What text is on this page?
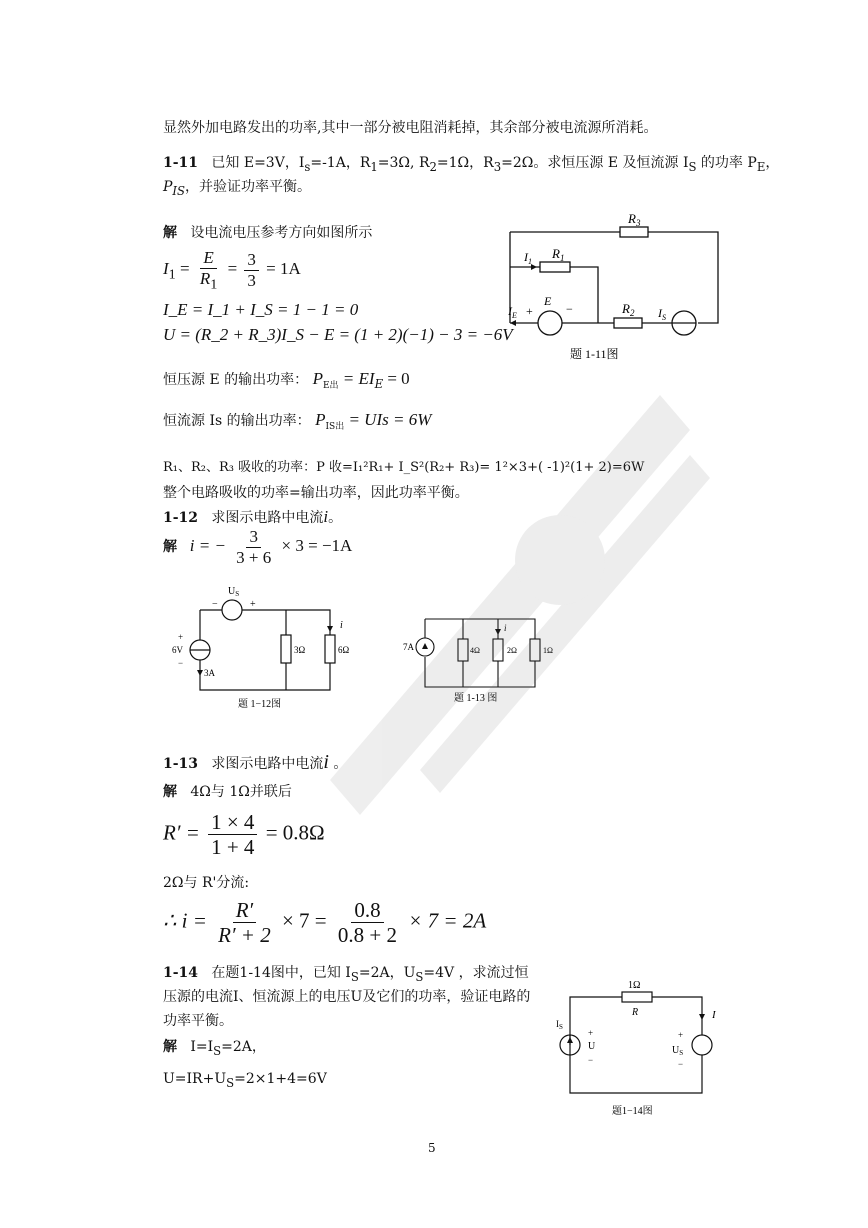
显然外加电路发出的功率,其中一部分被电阻消耗掉，其余部分被电流源所消耗。
1-11 已知 E=3V，$I_s=-1A$，$R_1=3\Omega$, $R_2=1\Omega$，$R_3=2\Omega$。求恒压源 E 及恒流源 $I_S$ 的功率 $P_E$，
$P_{IS}$，并验证功率平衡。
解 设电流电压参考方向如图所示
$I_1 = \frac{E}{R_1} = \frac{3}{3} = 1A$
I_E = I_1 + I_S = 1 − 1 = 0
U = (R_2 + R_3)I_S − E = (1 + 2)(−1) − 3 = −6V
恒压源 E 的输出功率： $P_{E出} = EI_E = 0$
恒流源 Is 的输出功率： $P_{IS出}$ = UIs = 6W
R₁、R₂、R₃ 吸收的功率：P 收=I₁²R₁+ I_S²(R₂+ R₃)= 1²×3+( -1)²(1+ 2)=6W
整个电路吸收的功率=输出功率，因此功率平衡。
$R_3$
$R_1$
$R_2$
$I_1$
$I_E$ +
E
−	$I_S$
题 1-11图
1-12 求图示电路中电流i。
解 i = − $\frac{3}{3 + 6} \times 3 = -1A$
$U_S$
−	+
+
6V
−
3A
3Ω	6Ω
i
题 1−12图
7A	4Ω	2Ω	1Ω
i
题 1-13 图
1-13 求图示电路中电流i 。
解 4Ω与 1Ω并联后
$R' = \frac{1 \times 4}{1 + 4} = 0.8\Omega$
2Ω与 R'分流:
∴ $i = \frac{R'}{R' + 2} \times 7 = \frac{0.8}{0.8 + 2} \times 7 = 2A$
1-14 在题1-14图中，已知 $I_S=2A$，$U_S=4V$ ，求流过恒
压源的电流I、恒流源上的电压U及它们的功率，验证电路的
功率平衡。
解 $I=I_S=2A$，
$U=IR+U_S=2\times 1+4=6V$
1Ω
R	I
$I_S$
+
U
−
+
$U_S$
−
题1−14图
5
